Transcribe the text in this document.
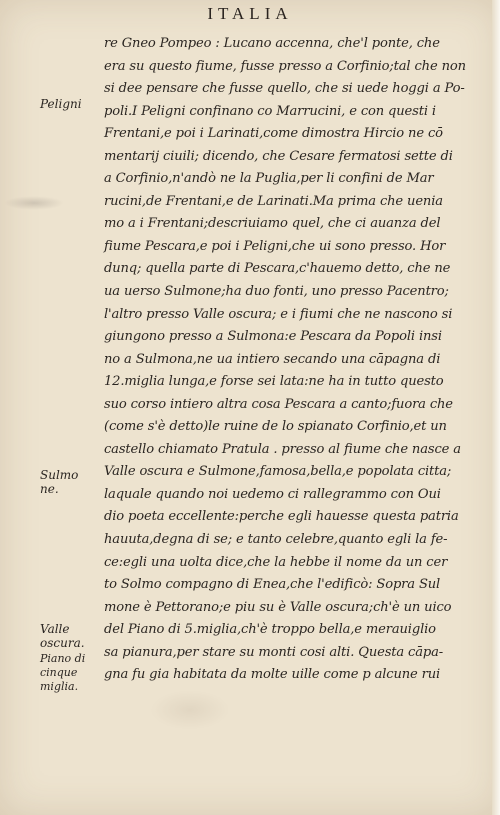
ITALIA
Peligni
Sulmo
ne.
Valle
oscura.
Piano di
cinque
miglia.
re Gneo Pompeo : Lucano accenna, che'l ponte, che
era su questo fiume, fusse presso a Corfinio;tal che non
si dee pensare che fusse quello, che si uede hoggi a Po-
poli.I Peligni confinano co Marrucini, e con questi i
Frentani,e poi i Larinati,come dimostra Hircio ne cō
mentarij ciuili; dicendo, che Cesare fermatosi sette di
a Corfinio,n'andò ne la Puglia,per li confini de Mar
rucini,de Frentani,e de Larinati.Ma prima che uenia
mo a i Frentani;descriuiamo quel, che ci auanza del
fiume Pescara,e poi i Peligni,che ui sono presso. Hor
dunq; quella parte di Pescara,c'hauemo detto, che ne
ua uerso Sulmone;ha duo fonti, uno presso Pacentro;
l'altro presso Valle oscura; e i fiumi che ne nascono si
giungono presso a Sulmona:e Pescara da Popoli insi
no a Sulmona,ne ua intiero secando una cāpagna di
12.miglia lunga,e forse sei lata:ne ha in tutto questo
suo corso intiero altra cosa Pescara a canto;fuora che
(come s'è detto)le ruine de lo spianato Corfinio,et un
castello chiamato Pratula . presso al fiume che nasce a
Valle oscura e Sulmone,famosa,bella,e popolata citta;
laquale quando noi uedemo ci rallegrammo con Oui
dio poeta eccellente:perche egli hauesse questa patria
hauuta,degna di se; e tanto celebre,quanto egli la fe-
ce:egli una uolta dice,che la hebbe il nome da un cer
to Solmo compagno di Enea,che l'edificò: Sopra Sul
mone è Pettorano;e piu su è Valle oscura;ch'è un uico
del Piano di 5.miglia,ch'è troppo bella,e merauiglio
sa pianura,per stare su monti cosi alti. Questa cāpa-
gna fu gia habitata da molte uille come p alcune rui
